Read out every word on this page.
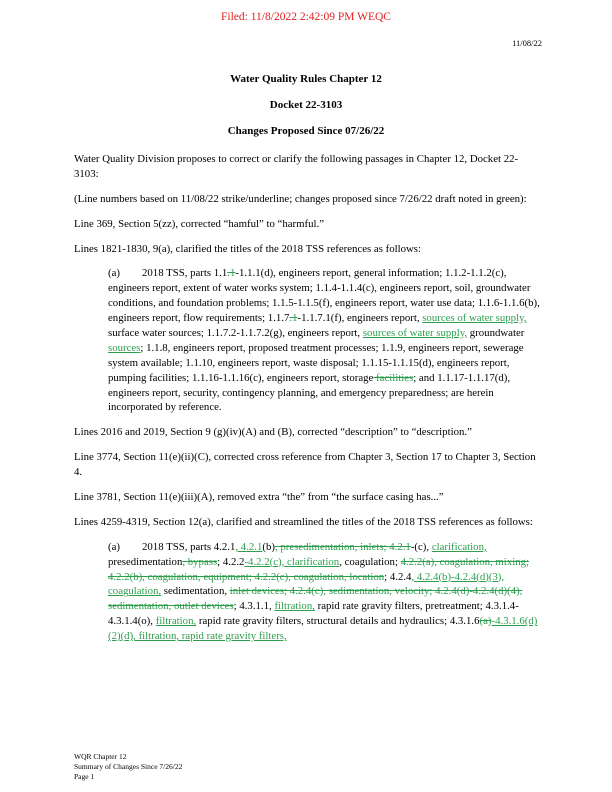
Filed: 11/8/2022 2:42:09 PM WEQC
11/08/22
Water Quality Rules Chapter 12
Docket 22-3103
Changes Proposed Since 07/26/22

Water Quality Division proposes to correct or clarify the following passages in Chapter 12, Docket 22-3103:

(Line numbers based on 11/08/22 strike/underline; changes proposed since 7/26/22 draft noted in green):

Line 369, Section 5(zz), corrected “hamful” to “harmful.”

Lines 1821-1830, 9(a), clarified the titles of the 2018 TSS references as follows:

(a) 2018 TSS, parts 1.1.1-1.1.1(d), engineers report, general information; 1.1.2-1.1.2(c), engineers report, extent of water works system; 1.1.4-1.1.4(c), engineers report, soil, groundwater conditions, and foundation problems; 1.1.5-1.1.5(f), engineers report, water use data; 1.1.6-1.1.6(b), engineers report, flow requirements; 1.1.7.1-1.1.7.1(f), engineers report, sources of water supply, surface water sources; 1.1.7.2-1.1.7.2(g), engineers report, sources of water supply, groundwater sources; 1.1.8, engineers report, proposed treatment processes; 1.1.9, engineers report, sewerage system available; 1.1.10, engineers report, waste disposal; 1.1.15-1.1.15(d), engineers report, pumping facilities; 1.1.16-1.1.16(c), engineers report, storage facilities; and 1.1.17-1.1.17(d), engineers report, security, contingency planning, and emergency preparedness; are herein incorporated by reference.

Lines 2016 and 2019, Section 9 (g)(iv)(A) and (B), corrected “description” to “description.”

Line 3774, Section 11(e)(ii)(C), corrected cross reference from Chapter 3, Section 17 to Chapter 3, Section 4.

Line 3781, Section 11(e)(iii)(A), removed extra “the” from “the surface casing has...”

Lines 4259-4319, Section 12(a), clarified and streamlined the titles of the 2018 TSS references as follows:

(a) 2018 TSS, parts 4.2.1, 4.2.1(b), presedimentation, inlets; 4.2.1-(c), clarification, presedimentation, bypass; 4.2.2-4.2.2(c), clarification, coagulation; 4.2.2(a), coagulation, mixing; 4.2.2(b), coagulation, equipment; 4.2.2(c), coagulation, location; 4.2.4, 4.2.4(b)-4.2.4(d)(3), coagulation, sedimentation, inlet devices; 4.2.4(c), sedimentation, velocity; 4.2.4(d)-4.2.4(d)(4), sedimentation, outlet devices; 4.3.1.1, filtration, rapid rate gravity filters, pretreatment; 4.3.1.4-4.3.1.4(o), filtration, rapid rate gravity filters, structural details and hydraulics; 4.3.1.6(a)-4.3.1.6(d)(2)(d), filtration, rapid rate gravity filters,

WQR Chapter 12
Summary of Changes Since 7/26/22
Page 1
